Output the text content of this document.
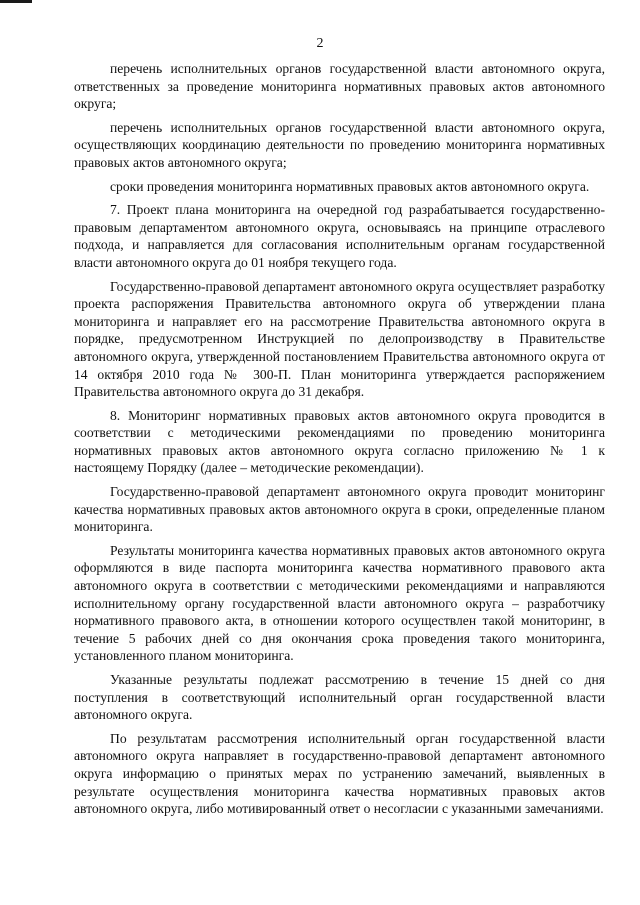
2

перечень исполнительных органов государственной власти автономного округа, ответственных за проведение мониторинга нормативных правовых актов автономного округа;

перечень исполнительных органов государственной власти автономного округа, осуществляющих координацию деятельности по проведению мониторинга нормативных правовых актов автономного округа;

сроки проведения мониторинга нормативных правовых актов автономного округа.

7. Проект плана мониторинга на очередной год разрабатывается государственно-правовым департаментом автономного округа, основываясь на принципе отраслевого подхода, и направляется для согласования исполнительным органам государственной власти автономного округа до 01 ноября текущего года.

Государственно-правовой департамент автономного округа осуществляет разработку проекта распоряжения Правительства автономного округа об утверждении плана мониторинга и направляет его на рассмотрение Правительства автономного округа в порядке, предусмотренном Инструкцией по делопроизводству в Правительстве автономного округа, утвержденной постановлением Правительства автономного округа от 14 октября 2010 года № 300-П. План мониторинга утверждается распоряжением Правительства автономного округа до 31 декабря.

8. Мониторинг нормативных правовых актов автономного округа проводится в соответствии с методическими рекомендациями по проведению мониторинга нормативных правовых актов автономного округа согласно приложению № 1 к настоящему Порядку (далее – методические рекомендации).

Государственно-правовой департамент автономного округа проводит мониторинг качества нормативных правовых актов автономного округа в сроки, определенные планом мониторинга.

Результаты мониторинга качества нормативных правовых актов автономного округа оформляются в виде паспорта мониторинга качества нормативного правового акта автономного округа в соответствии с методическими рекомендациями и направляются исполнительному органу государственной власти автономного округа – разработчику нормативного правового акта, в отношении которого осуществлен такой мониторинг, в течение 5 рабочих дней со дня окончания срока проведения такого мониторинга, установленного планом мониторинга.

Указанные результаты подлежат рассмотрению в течение 15 дней со дня поступления в соответствующий исполнительный орган государственной власти автономного округа.

По результатам рассмотрения исполнительный орган государственной власти автономного округа направляет в государственно-правовой департамент автономного округа информацию о принятых мерах по устранению замечаний, выявленных в результате осуществления мониторинга качества нормативных правовых актов автономного округа, либо мотивированный ответ о несогласии с указанными замечаниями.
